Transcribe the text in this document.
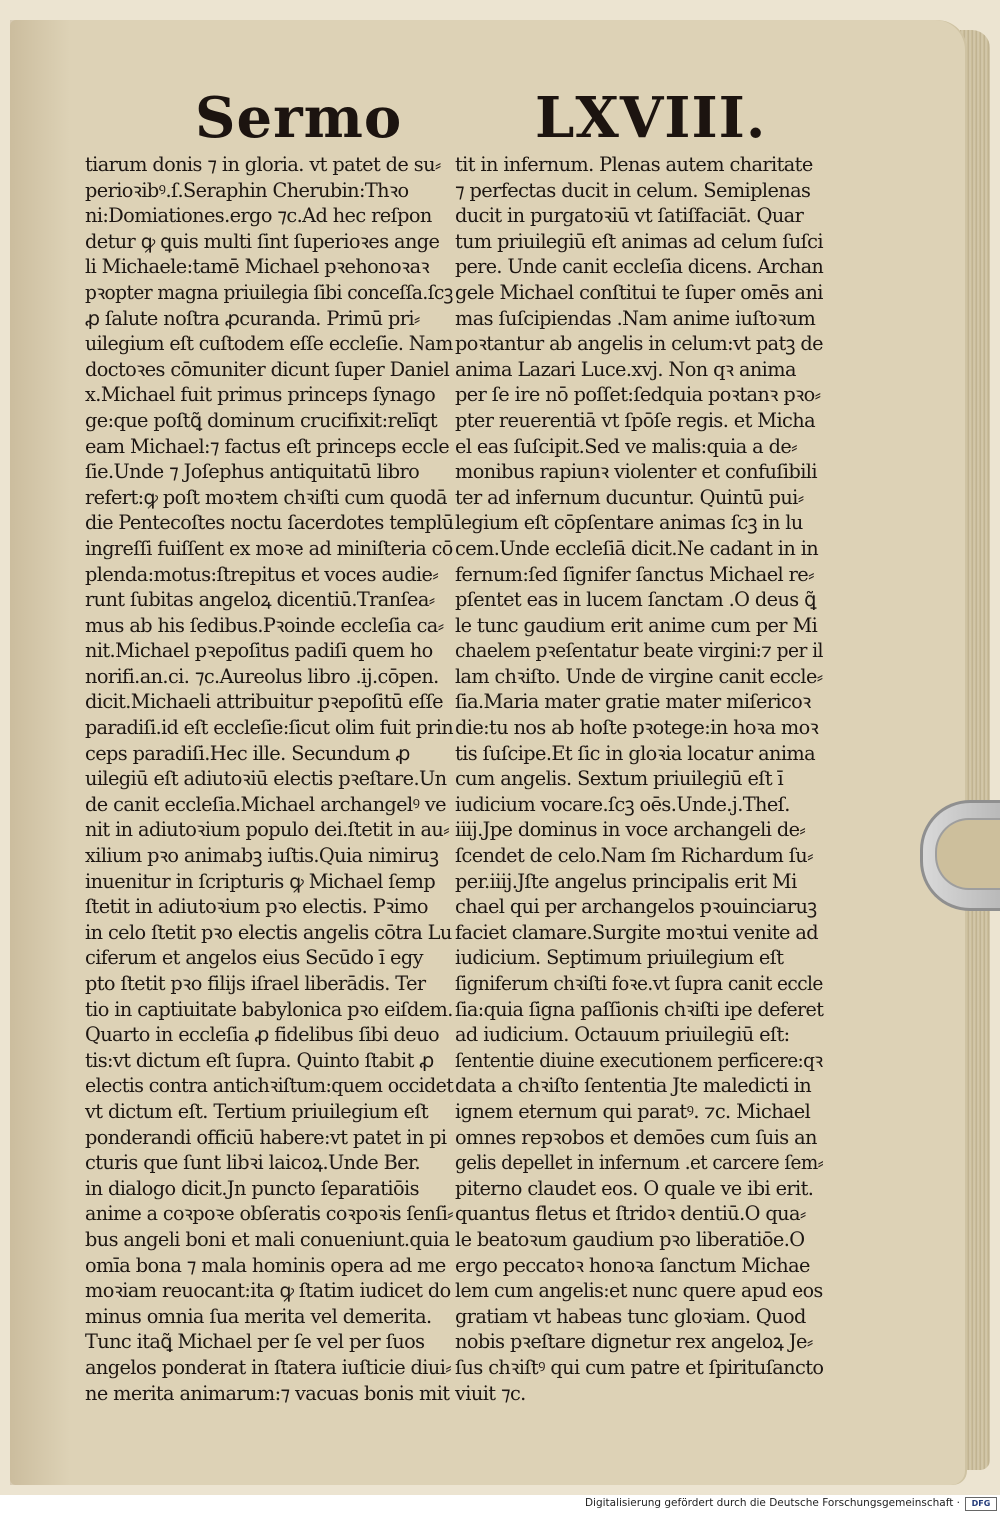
Sermo LXVIII.
tiarum donis ⁊ in gloria. vt patet de su⸗
perioꝛibꝰ.ſ.Seraphin Cherubin:Thꝛo
ni:Domiationes.ergo ⁊c.Ad hec reſpon
detur ꝙ ꝗuis multi ſint ſuperioꝛes ange
li Michaele:tamē Michael pꝛehonoꝛaꝛ
pꝛopter magna priuilegia ſibi conceſſa.ſcꝫ
ꝓ ſalute noſtra ꝓcuranda. Primū pri⸗
uilegium eſt cuſtodem eſſe eccleſie. Nam
doctoꝛes cōmuniter dicunt ſuper Daniel
x.Michael fuit primus princeps ſynago
ge:que poſtꝗ͂ dominum crucifixit:relīqt
eam Michael:⁊ factus eſt princeps eccle
ſie.Unde ⁊ Joſephus antiquitatū libro
refert:ꝙ poſt moꝛtem chꝛiſti cum quodā
die Pentecoſtes noctu ſacerdotes templū
ingreſſi fuiſſent ex moꝛe ad miniſteria cō
plenda:motus:ſtrepitus et voces audie⸗
runt ſubitas angeloꝝ dicentiū.Tranſea⸗
mus ab his ſedibus.Pꝛoinde eccleſia ca⸗
nit.Michael pꝛepoſitus padiſi quem ho
norifi.an.ci. ⁊c.Aureolus libro .ij.cōpen.
dicit.Michaeli attribuitur pꝛepoſitū eſſe
paradiſi.id eſt eccleſie:ſicut olim fuit prin
ceps paradiſi.Hec ille. Secundum ꝓ
uilegiū eſt adiutoꝛiū electis pꝛeſtare.Un
de canit eccleſia.Michael archangelꝰ ve
nit in adiutoꝛium populo dei.ſtetit in au⸗
xilium pꝛo animabꝫ iuſtis.Quia nimiruꝫ
inuenitur in ſcripturis ꝙ Michael ſemp
ſtetit in adiutoꝛium pꝛo electis. Pꝛimo
in celo ſtetit pꝛo electis angelis cōtra Lu
ciferum et angelos eius Secūdo ī egy
pto ſtetit pꝛo filijs iſrael liberādis. Ter
tio in captiuitate babylonica pꝛo eiſdem.
Quarto in eccleſia ꝓ fidelibus ſibi deuo
tis:vt dictum eſt ſupra. Quinto ſtabit ꝓ
electis contra antichꝛiſtum:quem occidet
vt dictum eſt. Tertium priuilegium eſt
ponderandi officiū habere:vt patet in pi
cturis que ſunt libꝛi laicoꝝ.Unde Ber.
in dialogo dicit.Jn puncto ſeparatiōis
anime a coꝛpoꝛe obſeratis coꝛpoꝛis ſenſi⸗
bus angeli boni et mali conueniunt.quia
omīa bona ⁊ mala hominis opera ad me
moꝛiam reuocant:ita ꝙ ſtatim iudicet do
minus omnia ſua merita vel demerita.
Tunc itaꝗ͂ Michael per ſe vel per ſuos
angelos ponderat in ſtatera iuſticie diui⸗
ne merita animarum:⁊ vacuas bonis mit
tit in infernum. Plenas autem charitate
⁊ perfectas ducit in celum. Semiplenas
ducit in purgatoꝛiū vt ſatiſfaciāt. Quar
tum priuilegiū eſt animas ad celum ſuſci
pere. Unde canit eccleſia dicens. Archan
gele Michael conſtitui te ſuper omēs ani
mas ſuſcipiendas .Nam anime iuſtoꝛum
poꝛtantur ab angelis in celum:vt patꝫ de
anima Lazari Luce.xvj. Non qꝛ anima
per ſe ire nō poſſet:ſedquia poꝛtanꝛ pꝛo⸗
pter reuerentiā vt ſpōſe regis. et Micha
el eas ſuſcipit.Sed ve malis:quia a de⸗
monibus rapiunꝛ violenter et confuſibili
ter ad infernum ducuntur. Quintū pui⸗
legium eſt cōpſentare animas ſcꝫ in lu
cem.Unde eccleſiā dicit.Ne cadant in in
fernum:ſed ſignifer ſanctus Michael re⸗
pſentet eas in lucem ſanctam .O deus ꝗ͂
le tunc gaudium erit anime cum per Mi
chaelem pꝛeſentatur beate virgini:⁊ per il
lam chꝛiſto. Unde de virgine canit eccle⸗
ſia.Maria mater gratie mater miſericoꝛ
die:tu nos ab hoſte pꝛotege:in hoꝛa moꝛ
tis ſuſcipe.Et ſic in gloꝛia locatur anima
cum angelis. Sextum priuilegiū eſt ī
iudicium vocare.ſcꝫ oēs.Unde.j.Theſ.
iiij.Jpe dominus in voce archangeli de⸗
ſcendet de celo.Nam ſm Richardum ſu⸗
per.iiij.Jſte angelus principalis erit Mi
chael qui per archangelos pꝛouinciaruꝫ
faciet clamare.Surgite moꝛtui venite ad
iudicium. Septimum priuilegium eſt
ſigniferum chꝛiſti foꝛe.vt ſupra canit eccle
ſia:quia ſigna paſſionis chꝛiſti ipe deferet
ad iudicium. Octauum priuilegiū eſt:
ſententie diuine executionem perficere:qꝛ
data a chꝛiſto ſententia Jte maledicti in
ignem eternum qui paratꝰ. ⁊c. Michael
omnes repꝛobos et demōes cum ſuis an
gelis depellet in infernum .et carcere ſem⸗
piterno claudet eos. O quale ve ibi erit.
quantus fletus et ſtridoꝛ dentiū.O qua⸗
le beatoꝛum gaudium pꝛo liberatiōe.O
ergo peccatoꝛ honoꝛa ſanctum Michae
lem cum angelis:et nunc quere apud eos
gratiam vt habeas tunc gloꝛiam. Quod
nobis pꝛeſtare dignetur rex angeloꝝ Je⸗
ſus chꝛiſtꝰ qui cum patre et ſpirituſancto
viuit ⁊c.
Digitalisierung gefördert durch die Deutsche Forschungsgemeinschaft ·	DFG
